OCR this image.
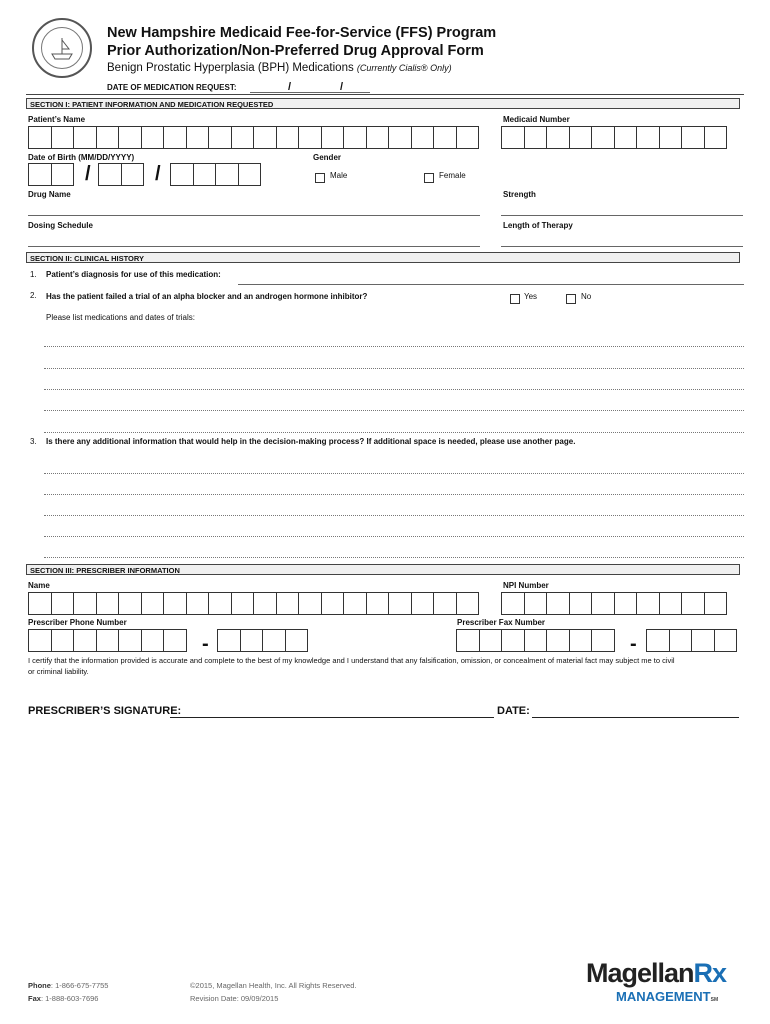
New Hampshire Medicaid Fee-for-Service (FFS) Program
Prior Authorization/Non-Preferred Drug Approval Form
Benign Prostatic Hyperplasia (BPH) Medications (Currently Cialis® Only)
DATE OF MEDICATION REQUEST:	/	/
SECTION I: PATIENT INFORMATION AND MEDICATION REQUESTED
Patient’s Name	Medicaid Number
Date of Birth (MM/DD/YYYY)	Gender
/	/	Male	Female
Drug Name	Strength
Dosing Schedule	Length of Therapy
SECTION II: CLINICAL HISTORY
1. Patient’s diagnosis for use of this medication:
2. Has the patient failed a trial of an alpha blocker and an androgen hormone inhibitor?	Yes	No
Please list medications and dates of trials:
3. Is there any additional information that would help in the decision-making process? If additional space is needed, please use another page.
SECTION III: PRESCRIBER INFORMATION
Name	NPI Number
Prescriber Phone Number	Prescriber Fax Number
-	-
I certify that the information provided is accurate and complete to the best of my knowledge and I understand that any falsification, omission, or concealment of material fact may subject me to civil
or criminal liability.
PRESCRIBER’S SIGNATURE:	DATE:
Phone: 1-866-675-7755
Fax: 1-888-603-7696
©2015, Magellan Health, Inc. All Rights Reserved.
Revision Date: 09/09/2015
MagellanRx
MANAGEMENTSM
